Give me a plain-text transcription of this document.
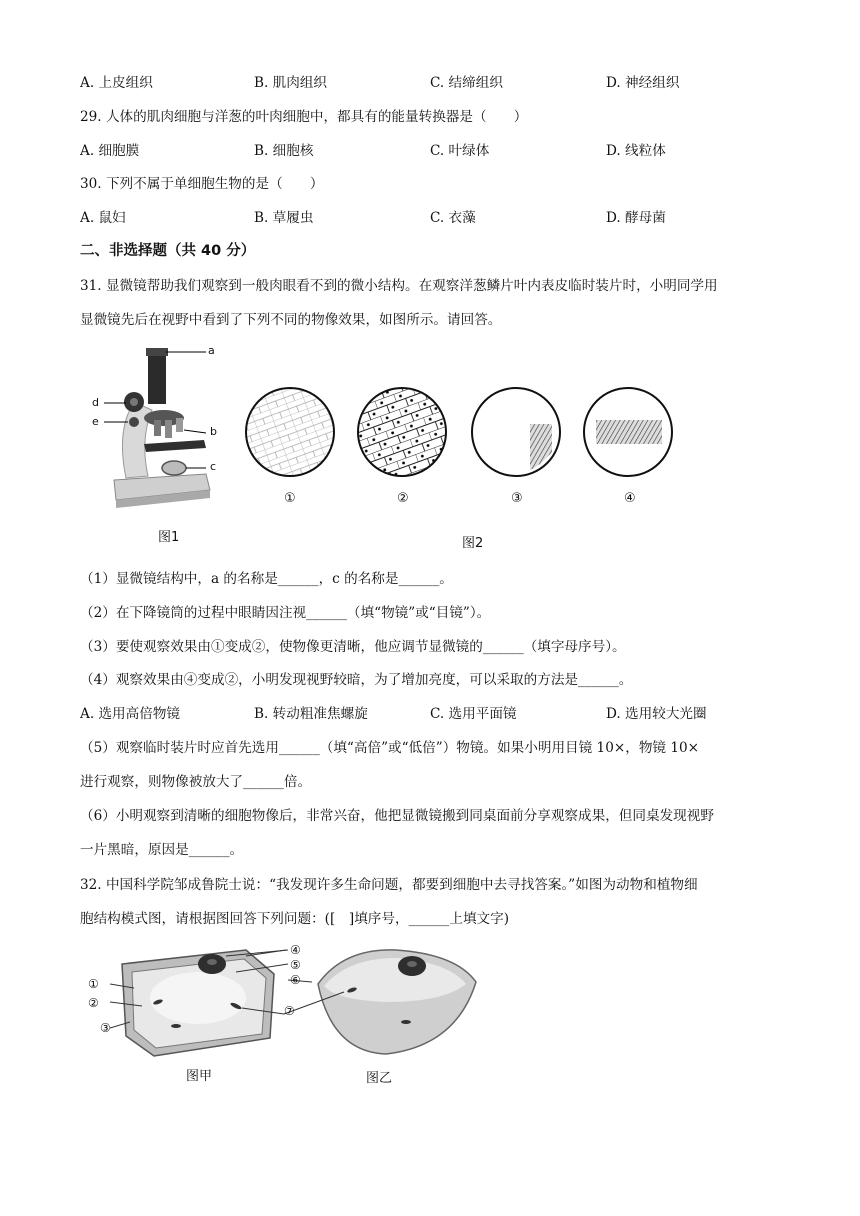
A. 上皮组织	B. 肌肉组织	C. 结缔组织	D. 神经组织
29. 人体的肌肉细胞与洋葱的叶肉细胞中，都具有的能量转换器是（　　）
A. 细胞膜	B. 细胞核	C. 叶绿体	D. 线粒体
30. 下列不属于单细胞生物的是（　　）
A. 鼠妇	B. 草履虫	C. 衣藻	D. 酵母菌
二、非选择题（共 40 分）
31. 显微镜帮助我们观察到一般肉眼看不到的微小结构。在观察洋葱鳞片叶内表皮临时装片时，小明同学用
显微镜先后在视野中看到了下列不同的物像效果，如图所示。请回答。
a
b
c
d
e
图1
①	②	③	④
图2
（1）显微镜结构中，a 的名称是______，c 的名称是______。
（2）在下降镜筒的过程中眼睛因注视______（填“物镜”或“目镜”）。
（3）要使观察效果由①变成②，使物像更清晰，他应调节显微镜的______（填字母序号）。
（4）观察效果由④变成②，小明发现视野较暗，为了增加亮度，可以采取的方法是______。
A. 选用高倍物镜	B. 转动粗准焦螺旋	C. 选用平面镜	D. 选用较大光圈
（5）观察临时装片时应首先选用______（填“高倍”或“低倍”）物镜。如果小明用目镜 10×，物镜 10×
进行观察，则物像被放大了______倍。
（6）小明观察到清晰的细胞物像后，非常兴奋，他把显微镜搬到同桌面前分享观察成果，但同桌发现视野
一片黑暗，原因是______。
32. 中国科学院邹成鲁院士说：“我发现许多生命问题，都要到细胞中去寻找答案。”如图为动物和植物细
胞结构模式图，请根据图回答下列问题：([　]填序号，______上填文字)
①
②
③
④
⑤
⑥
⑦
图甲	图乙
